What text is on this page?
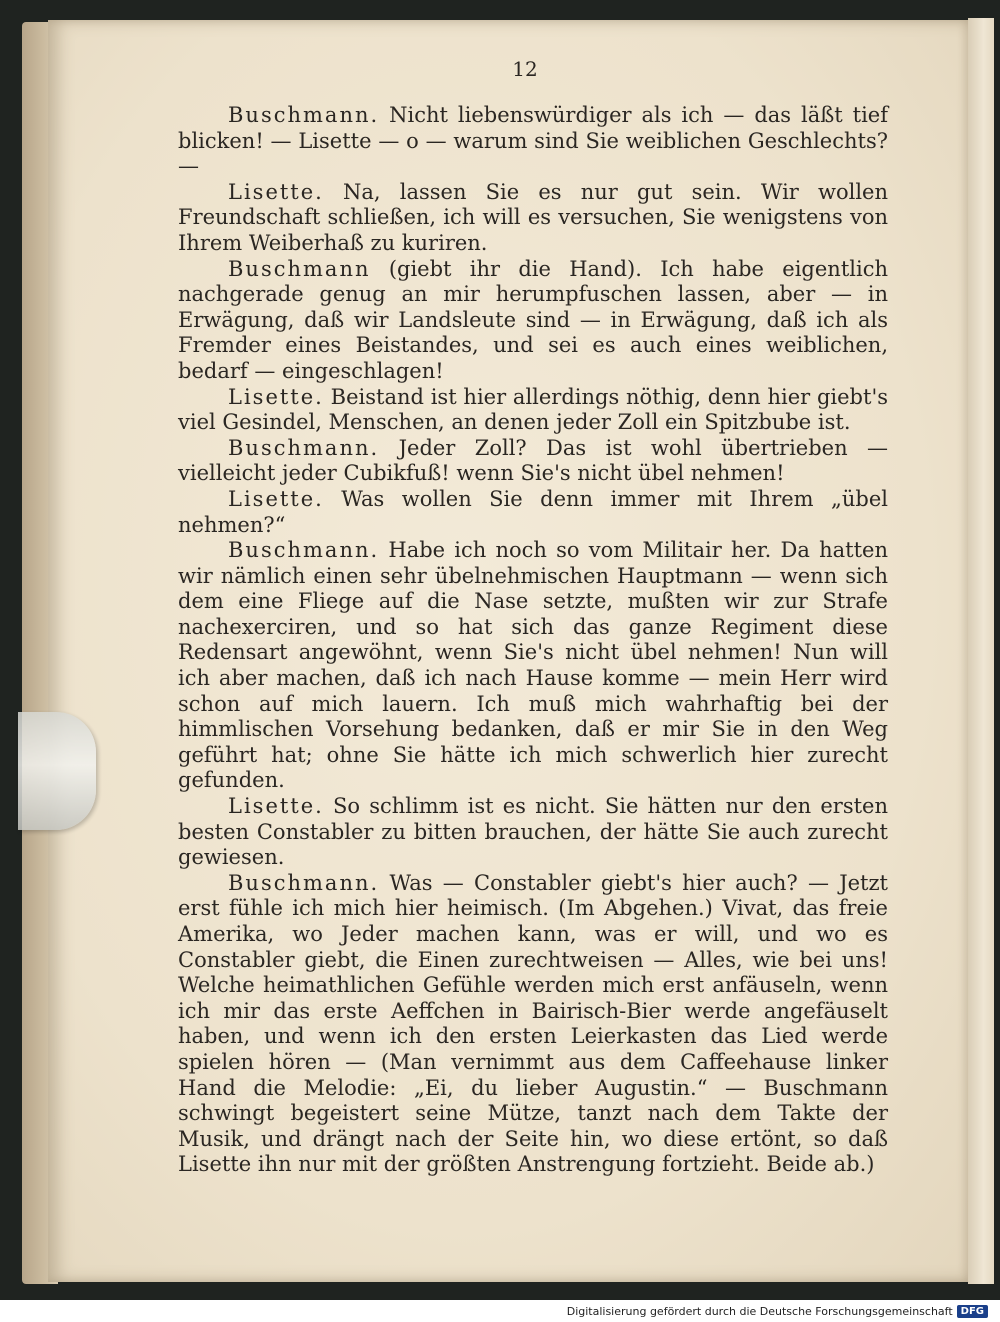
12

Buschmann. Nicht liebenswürdiger als ich — das läßt tief blicken! — Lisette — o — warum sind Sie weiblichen Geschlechts? —

Lisette. Na, lassen Sie es nur gut sein. Wir wollen Freundschaft schließen, ich will es versuchen, Sie wenigstens von Ihrem Weiberhaß zu kuriren.

Buschmann (giebt ihr die Hand). Ich habe eigentlich nachgerade genug an mir herumpfuschen lassen, aber — in Erwägung, daß wir Landsleute sind — in Erwägung, daß ich als Fremder eines Beistandes, und sei es auch eines weiblichen, bedarf — eingeschlagen!

Lisette. Beistand ist hier allerdings nöthig, denn hier giebt's viel Gesindel, Menschen, an denen jeder Zoll ein Spitzbube ist.

Buschmann. Jeder Zoll? Das ist wohl übertrieben — vielleicht jeder Cubikfuß! wenn Sie's nicht übel nehmen!

Lisette. Was wollen Sie denn immer mit Ihrem „übel nehmen?“

Buschmann. Habe ich noch so vom Militair her. Da hatten wir nämlich einen sehr übelnehmischen Hauptmann — wenn sich dem eine Fliege auf die Nase setzte, mußten wir zur Strafe nachexerciren, und so hat sich das ganze Regiment diese Redensart angewöhnt, wenn Sie's nicht übel nehmen! Nun will ich aber machen, daß ich nach Hause komme — mein Herr wird schon auf mich lauern. Ich muß mich wahrhaftig bei der himmlischen Vorsehung bedanken, daß er mir Sie in den Weg geführt hat; ohne Sie hätte ich mich schwerlich hier zurecht gefunden.

Lisette. So schlimm ist es nicht. Sie hätten nur den ersten besten Constabler zu bitten brauchen, der hätte Sie auch zurecht gewiesen.

Buschmann. Was — Constabler giebt's hier auch? — Jetzt erst fühle ich mich hier heimisch. (Im Abgehen.) Vivat, das freie Amerika, wo Jeder machen kann, was er will, und wo es Constabler giebt, die Einen zurechtweisen — Alles, wie bei uns! Welche heimathlichen Gefühle werden mich erst anfäuseln, wenn ich mir das erste Aeffchen in Bairisch-Bier werde angefäuselt haben, und wenn ich den ersten Leierkasten das Lied werde spielen hören — (Man vernimmt aus dem Caffeehause linker Hand die Melodie: „Ei, du lieber Augustin.“ — Buschmann schwingt begeistert seine Mütze, tanzt nach dem Takte der Musik, und drängt nach der Seite hin, wo diese ertönt, so daß Lisette ihn nur mit der größten Anstrengung fortzieht. Beide ab.)

Digitalisierung gefördert durch die Deutsche Forschungsgemeinschaft DFG
